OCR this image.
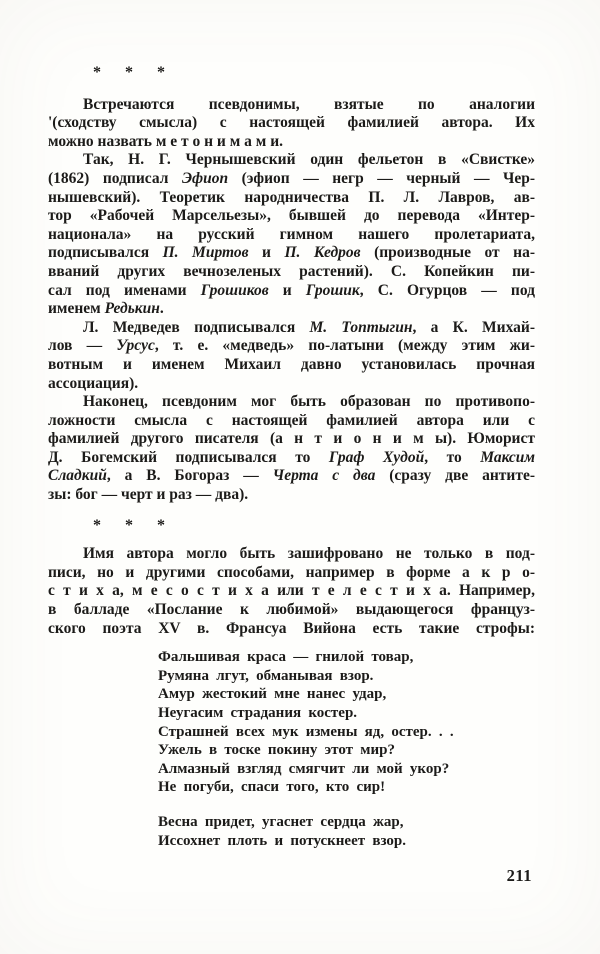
* * *
Встречаются псевдонимы, взятые по аналогии
'(сходству смысла) с настоящей фамилией автора. Их
можно назвать м е т о н и м а м и.
Так, Н. Г. Чернышевский один фельетон в «Свистке»
(1862) подписал Эфиоп (эфиоп — негр — черный — Чер-
нышевский). Теоретик народничества П. Л. Лавров, ав-
тор «Рабочей Марсельезы», бывшей до перевода «Интер-
национала» на русский гимном нашего пролетариата,
подписывался П. Миртов и П. Кедров (производные от на-
вваний других вечнозеленых растений). С. Копейкин пи-
сал под именами Грошиков и Грошик, С. Огурцов — под
именем Редькин.
Л. Медведев подписывался М. Топтыгин, а К. Михай-
лов — Урсус, т. е. «медведь» по-латыни (между этим жи-
вотным и именем Михаил давно установилась прочная
ассоциация).
Наконец, псевдоним мог быть образован по противопо-
ложности смысла с настоящей фамилией автора или с
фамилией другого писателя (а н т и о н и м ы). Юморист
Д. Богемский подписывался то Граф Худой, то Максим
Сладкий, а В. Богораз — Черта с два (сразу две антите-
зы: бог — черт и раз — два).
* * *
Имя автора могло быть зашифровано не только в под-
писи, но и другими способами, например в форме а к р о-
с т и х а, м е с о с т и х а или т е л е с т и х а. Например,
в балладе «Послание к любимой» выдающегося француз-
ского поэта XV в. Франсуа Вийона есть такие строфы:
Фальшивая краса — гнилой товар,
Румяна лгут, обманывая взор.
Амур жестокий мне нанес удар,
Неугасим страдания костер.
Страшней всех мук измены яд, остер. . .
Ужель в тоске покину этот мир?
Алмазный взгляд смягчит ли мой укор?
Не погуби, спаси того, кто сир!
Весна придет, угаснет сердца жар,
Иссохнет плоть и потускнеет взор.
211
